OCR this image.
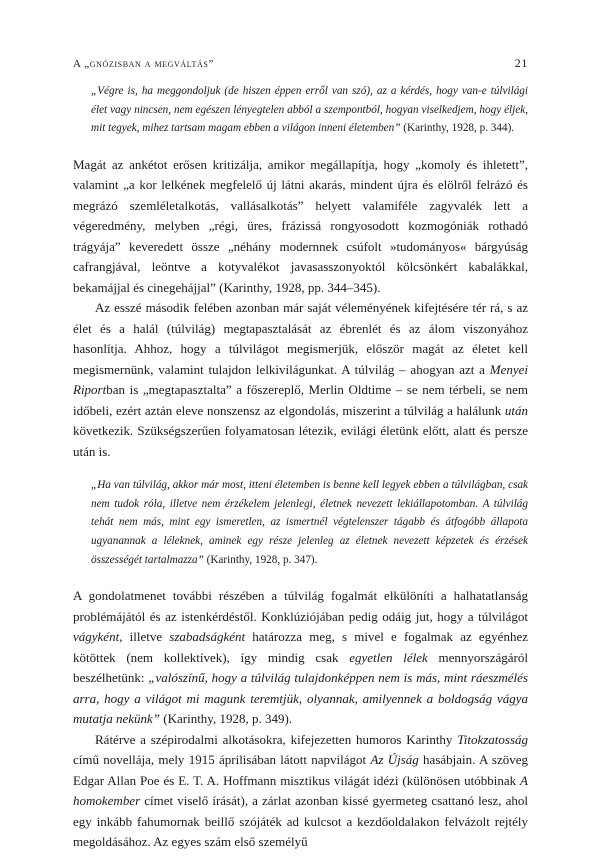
A „gnózisban a megváltás”	21

„Végre is, ha meggondoljuk (de hiszen éppen erről van szó), az a kérdés, hogy van-e túlvilági élet vagy nincsen, nem egészen lényegtelen abból a szempontból, hogyan viselkedjem, hogy éljek, mit tegyek, mihez tartsam magam ebben a világon inneni életemben” (Karinthy, 1928, p. 344).

Magát az ankétot erősen kritizálja, amikor megállapítja, hogy „komoly és ihletett”, valamint „a kor lelkének megfelelő új látni akarás, mindent újra és elölről felrázó és megrázó szemléletalkotás, vallásalkotás” helyett valamiféle zagyvalék lett a végeredmény, melyben „régi, üres, frázissá rongyosodott kozmogóniák rothadó trágyája” keveredett össze „néhány modernnek csúfolt »tudományos« bárgyúság cafrangjával, leöntve a kotyvalékot javasasszonyoktól kölcsönkért kabalákkal, bekamájjal és cinegehájjal” (Karinthy, 1928, pp. 344–345).

Az esszé második felében azonban már saját véleményének kifejtésére tér rá, s az élet és a halál (túlvilág) megtapasztalását az ébrenlét és az álom viszonyához hasonlítja. Ahhoz, hogy a túlvilágot megismerjük, először magát az életet kell megismernünk, valamint tulajdon lelkivilágunkat. A túlvilág – ahogyan azt a Menyei Riportban is „megtapasztalta” a főszereplő, Merlin Oldtime – se nem térbeli, se nem időbeli, ezért aztán eleve nonszensz az elgondolás, miszerint a túlvilág a halálunk után következik. Szükségszerűen folyamatosan létezik, evilági életünk előtt, alatt és persze után is.

„Ha van túlvilág, akkor már most, itteni életemben is benne kell legyek ebben a túlvilágban, csak nem tudok róla, illetve nem érzékelem jelenlegi, életnek nevezett lekiállapotomban. A túlvilág tehát nem más, mint egy ismeretlen, az ismertnél végtelenszer tágabb és átfogóbb állapota ugyanannak a léleknek, aminek egy része jelenleg az életnek nevezett képzetek és érzések összességét tartalmazza” (Karinthy, 1928, p. 347).

A gondolatmenet további részében a túlvilág fogalmát elkülöníti a halhatatlanság problémájától és az istenkérdéstől. Konklúziójában pedig odáig jut, hogy a túlvilágot vágyként, illetve szabadságként határozza meg, s mivel e fogalmak az egyénhez kötöttek (nem kollektívek), így mindig csak egyetlen lélek mennyországáról beszélhetünk: „valószínű, hogy a túlvilág tulajdonképpen nem is más, mint ráeszmélés arra, hogy a világot mi magunk teremtjük, olyannak, amilyennek a boldogság vágya mutatja nekünk” (Karinthy, 1928, p. 349).

Rátérve a szépirodalmi alkotásokra, kifejezetten humoros Karinthy Titokzatosság című novellája, mely 1915 áprilisában látott napvilágot Az Újság hasábjain. A szöveg Edgar Allan Poe és E. T. A. Hoffmann misztikus világát idézi (különösen utóbbinak A homokember címet viselő írását), a zárlat azonban kissé gyermeteg csattanó lesz, ahol egy inkább fahumornak beillő szójáték ad kulcsot a kezdőoldalakon felvázolt rejtély megoldásához. Az egyes szám első személyű
